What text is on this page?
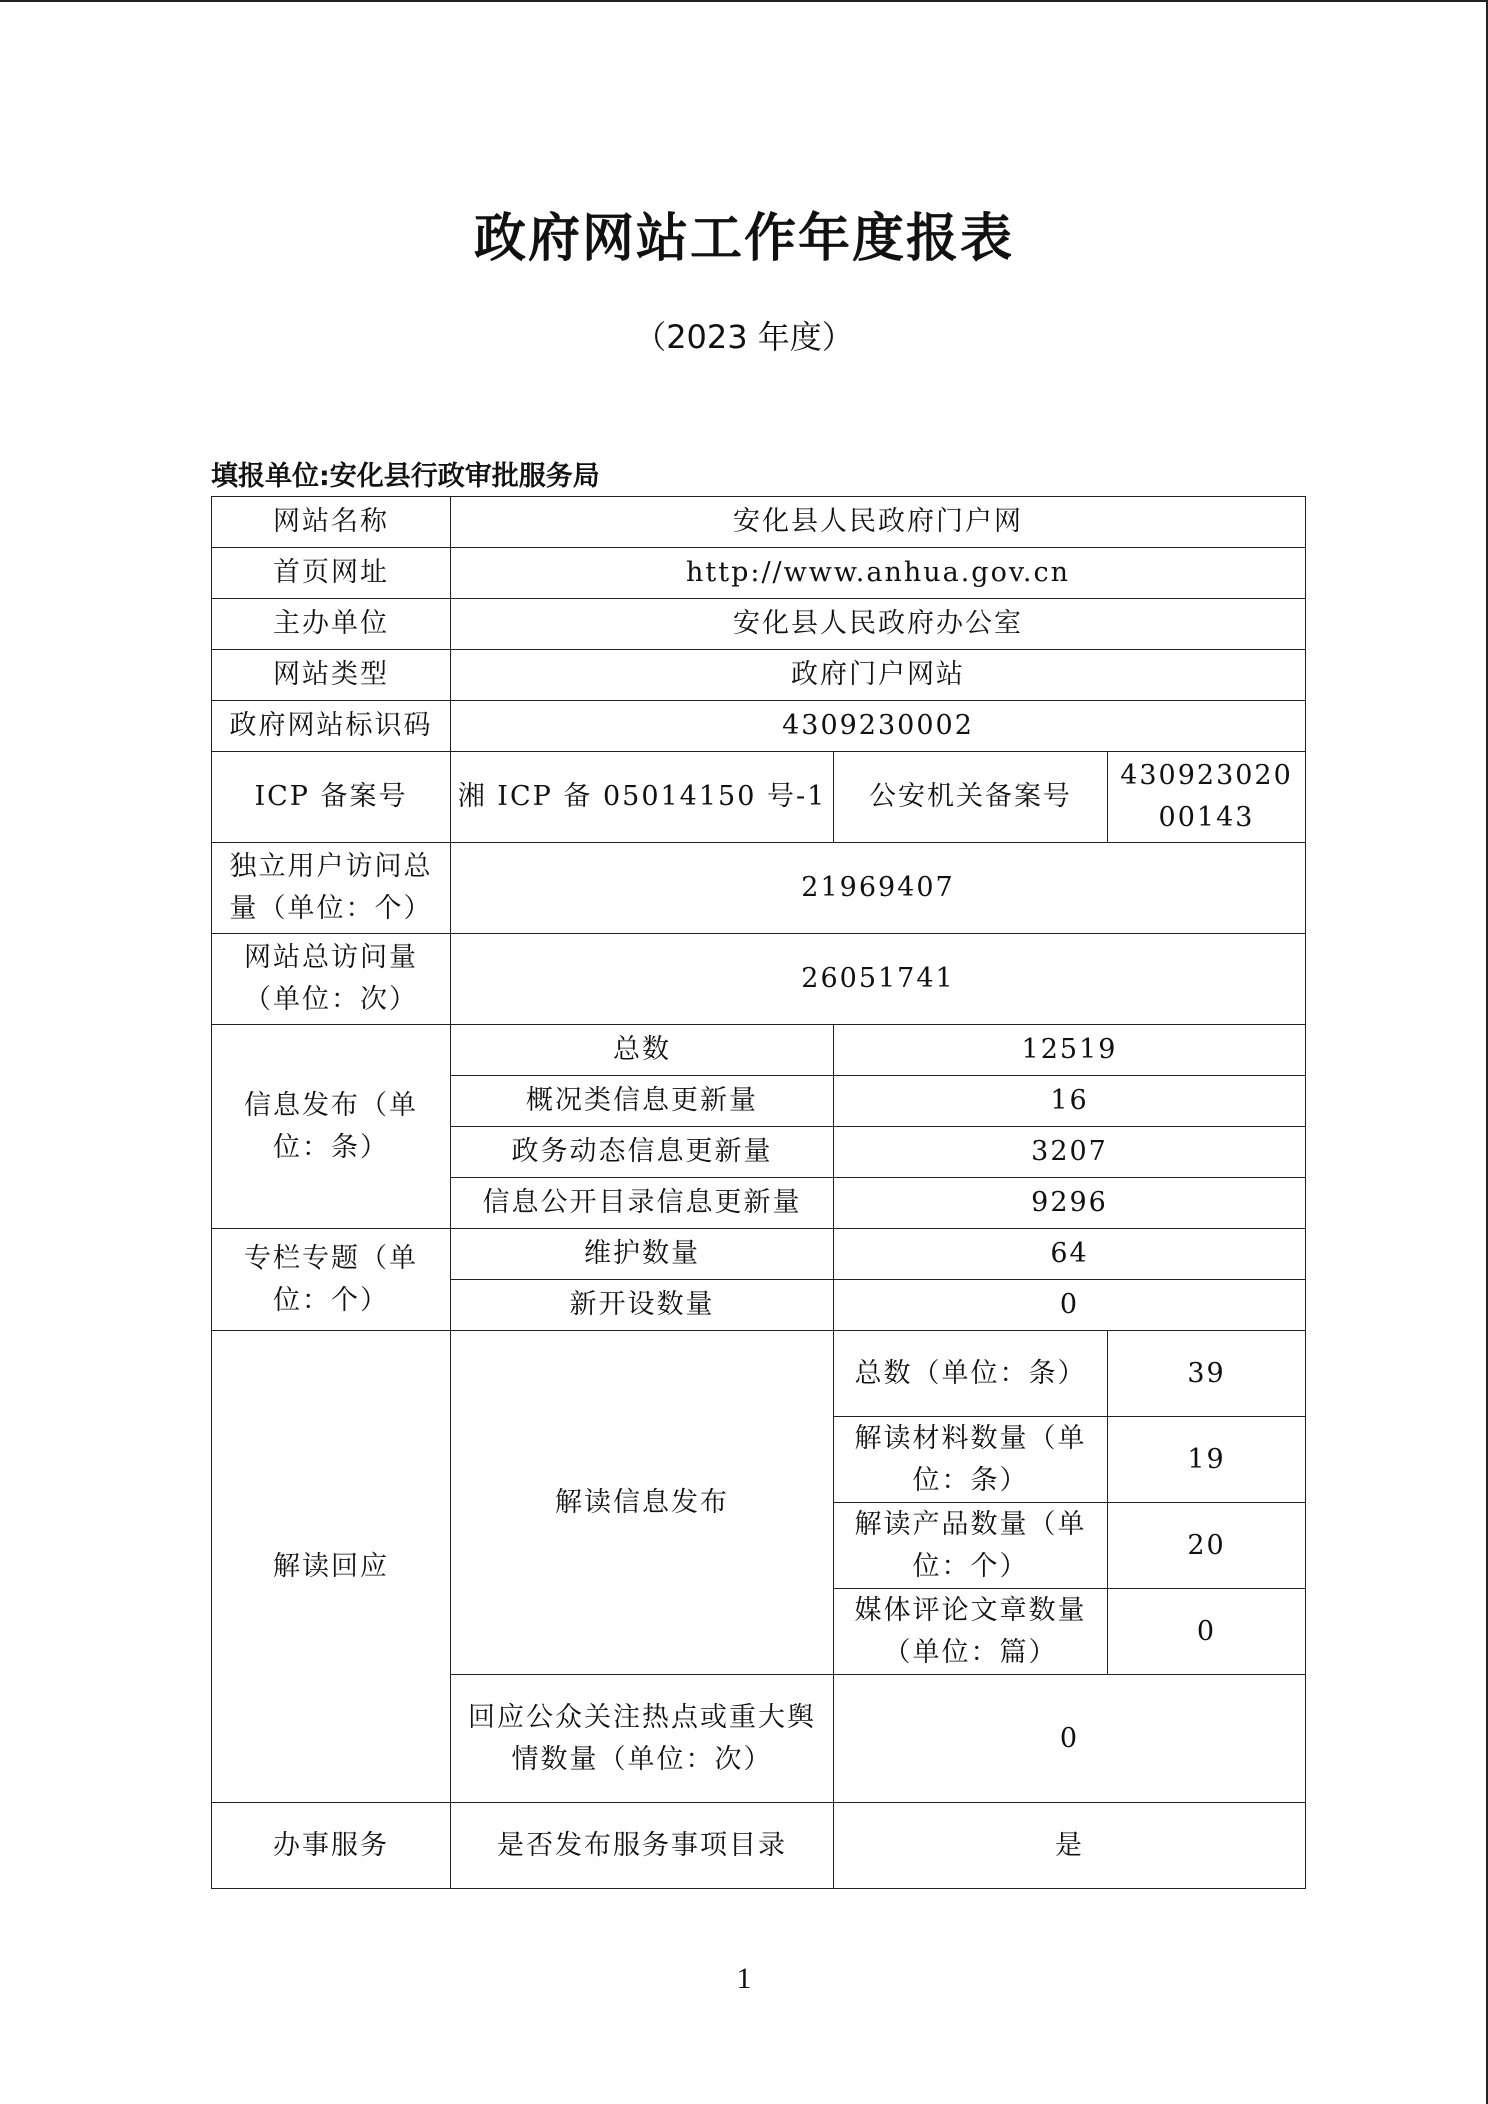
政府网站工作年度报表
（2023 年度）
填报单位:安化县行政审批服务局
网站名称	安化县人民政府门户网		
首页网址	http://www.anhua.gov.cn		
主办单位	安化县人民政府办公室		
网站类型	政府门户网站		
政府网站标识码	4309230002		
ICP 备案号	湘 ICP 备 05014150 号-1	公安机关备案号	43092302000143
独立用户访问总量（单位：个）	21969407		
网站总访问量（单位：次）	26051741		
信息发布（单位：条）	总数	12519	
	概况类信息更新量	16	
	政务动态信息更新量	3207	
	信息公开目录信息更新量	9296	
专栏专题（单位：个）	维护数量	64	
	新开设数量	0	
解读回应	解读信息发布	总数（单位：条）	39
		解读材料数量（单位：条）	19
		解读产品数量（单位：个）	20
		媒体评论文章数量（单位：篇）	0
	回应公众关注热点或重大舆情数量（单位：次）	0	
办事服务	是否发布服务事项目录	是	
1
